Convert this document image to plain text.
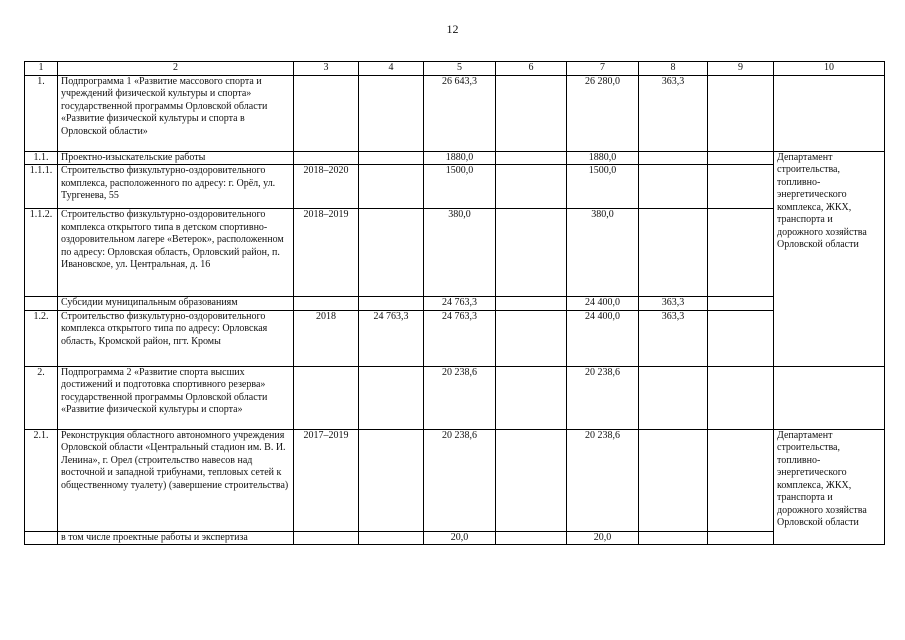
12
1	2	3	4	5	6	7	8	9	10	
1.	Подпрограмма 1 «Развитие массового спорта и учреждений физической культуры и спорта» государственной программы Орловской области «Развитие физической культуры и спорта в Орловской области»			26 643,3		26 280,0	363,3			
1.1.	Проектно-изыскательские работы			1880,0		1880,0			Департамент строительства, топливно-энергетического комплекса, ЖКХ, транспорта и дорожного хозяйства Орловской области	
1.1.1.	Строительство физкультурно-оздоровительного комплекса, расположенного по адресу: г. Орёл, ул. Тургенева, 55	2018–2020		1500,0		1500,0				
1.1.2.	Строительство физкультурно-оздоровительного комплекса открытого типа в детском спортивно-оздоровительном лагере «Ветерок», расположенном по адресу: Орловская область, Орловский район, п. Ивановское, ул. Центральная, д. 16	2018–2019		380,0		380,0				
	Субсидии муниципальным образованиям			24 763,3		24 400,0	363,3			
1.2.	Строительство физкультурно-оздоровительного комплекса открытого типа по адресу: Орловская область, Кромской район, пгт. Кромы	2018	24 763,3	24 763,3		24 400,0	363,3			
2.	Подпрограмма 2 «Развитие спорта высших достижений и подготовка спортивного резерва» государственной программы Орловской области «Развитие физической культуры и спорта»			20 238,6		20 238,6				
2.1.	Реконструкция областного автономного учреждения Орловской области «Центральный стадион им. В. И. Ленина», г. Орел (строительство навесов над восточной и западной трибунами, тепловых сетей к общественному туалету) (завершение строительства)	2017–2019		20 238,6		20 238,6			Департамент строительства, топливно-энергетического комплекса, ЖКХ, транспорта и дорожного хозяйства Орловской области	
	в том числе проектные работы и экспертиза			20,0		20,0				
